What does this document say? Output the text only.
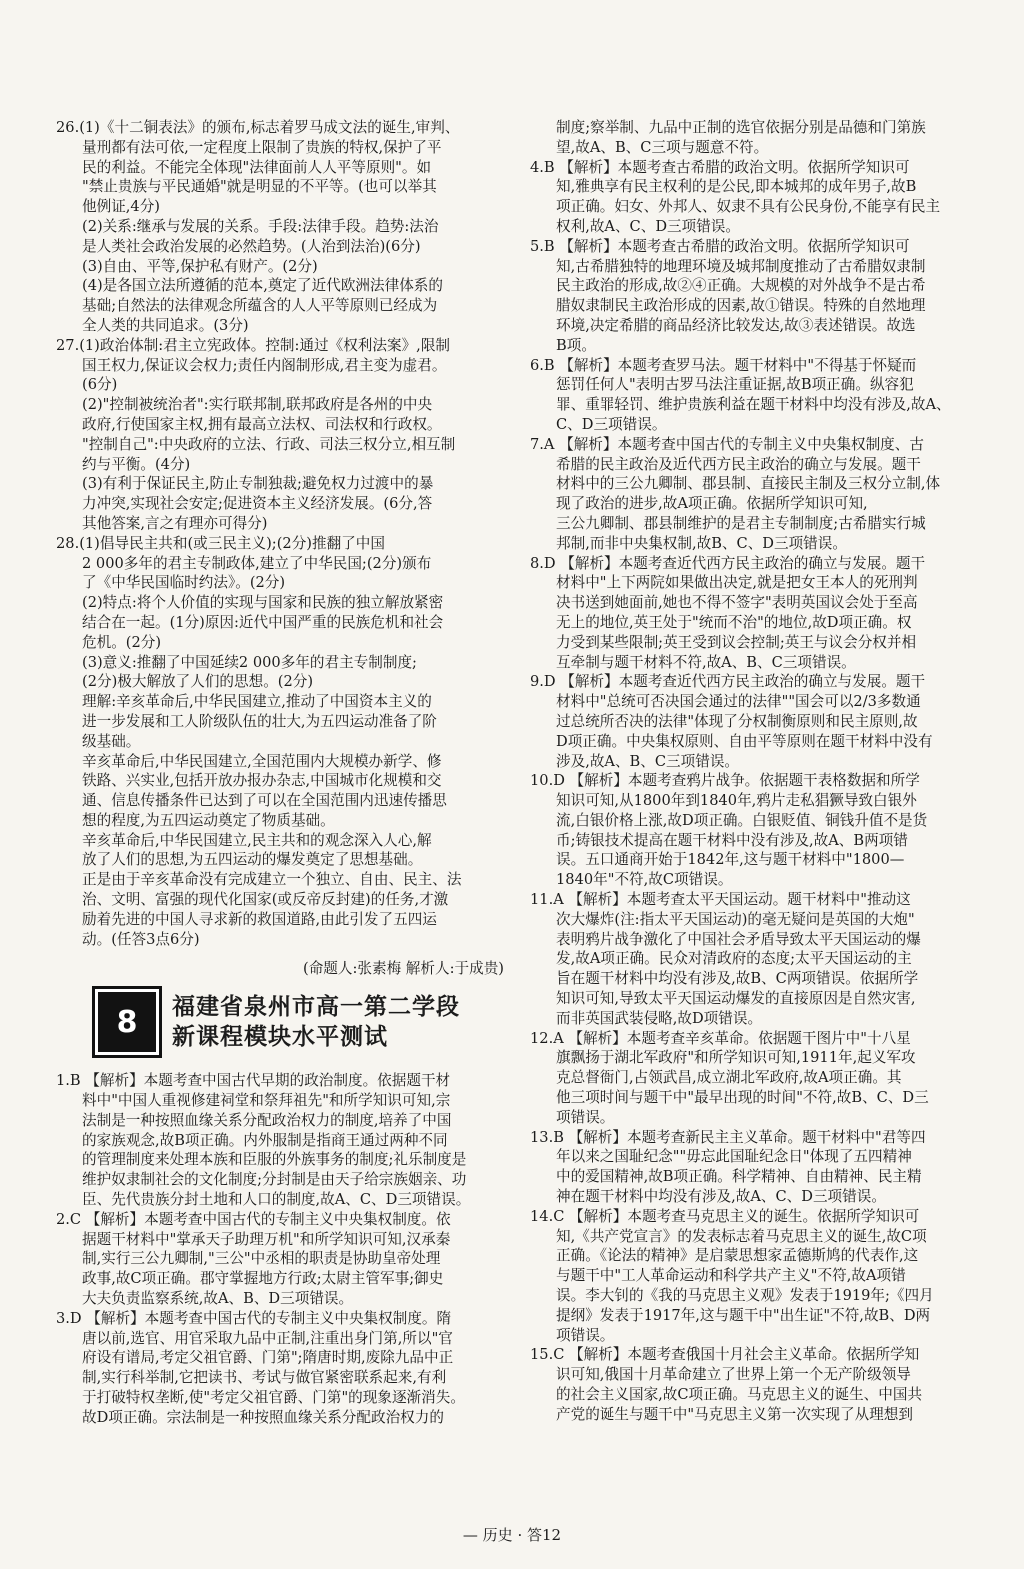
26.(1)《十二铜表法》的颁布,标志着罗马成文法的诞生,审判、
量刑都有法可依,一定程度上限制了贵族的特权,保护了平
民的利益。不能完全体现"法律面前人人平等原则"。如
"禁止贵族与平民通婚"就是明显的不平等。(也可以举其
他例证,4分)
(2)关系:继承与发展的关系。手段:法律手段。趋势:法治
是人类社会政治发展的必然趋势。(人治到法治)(6分)
(3)自由、平等,保护私有财产。(2分)
(4)是各国立法所遵循的范本,奠定了近代欧洲法律体系的
基础;自然法的法律观念所蕴含的人人平等原则已经成为
全人类的共同追求。(3分)
27.(1)政治体制:君主立宪政体。控制:通过《权利法案》,限制
国王权力,保证议会权力;责任内阁制形成,君主变为虚君。
(6分)
(2)"控制被统治者":实行联邦制,联邦政府是各州的中央
政府,行使国家主权,拥有最高立法权、司法权和行政权。
"控制自己":中央政府的立法、行政、司法三权分立,相互制
约与平衡。(4分)
(3)有利于保证民主,防止专制独裁;避免权力过渡中的暴
力冲突,实现社会安定;促进资本主义经济发展。(6分,答
其他答案,言之有理亦可得分)
28.(1)倡导民主共和(或三民主义);(2分)推翻了中国
2 000多年的君主专制政体,建立了中华民国;(2分)颁布
了《中华民国临时约法》。(2分)
(2)特点:将个人价值的实现与国家和民族的独立解放紧密
结合在一起。(1分)原因:近代中国严重的民族危机和社会
危机。(2分)
(3)意义:推翻了中国延续2 000多年的君主专制制度;
(2分)极大解放了人们的思想。(2分)
理解:辛亥革命后,中华民国建立,推动了中国资本主义的
进一步发展和工人阶级队伍的壮大,为五四运动准备了阶
级基础。
辛亥革命后,中华民国建立,全国范围内大规模办新学、修
铁路、兴实业,包括开放办报办杂志,中国城市化规模和交
通、信息传播条件已达到了可以在全国范围内迅速传播思
想的程度,为五四运动奠定了物质基础。
辛亥革命后,中华民国建立,民主共和的观念深入人心,解
放了人们的思想,为五四运动的爆发奠定了思想基础。
正是由于辛亥革命没有完成建立一个独立、自由、民主、法
治、文明、富强的现代化国家(或反帝反封建)的任务,才激
励着先进的中国人寻求新的救国道路,由此引发了五四运
动。(任答3点6分)
(命题人:张素梅 解析人:于成贵)
8	福建省泉州市高一第二学段
新课程模块水平测试
1.B 【解析】本题考查中国古代早期的政治制度。依据题干材
料中"中国人重视修建祠堂和祭拜祖先"和所学知识可知,宗
法制是一种按照血缘关系分配政治权力的制度,培养了中国
的家族观念,故B项正确。内外服制是指商王通过两种不同
的管理制度来处理本族和臣服的外族事务的制度;礼乐制度是
维护奴隶制社会的文化制度;分封制是由天子给宗族姻亲、功
臣、先代贵族分封土地和人口的制度,故A、C、D三项错误。
2.C 【解析】本题考查中国古代的专制主义中央集权制度。依
据题干材料中"掌承天子助理万机"和所学知识可知,汉承秦
制,实行三公九卿制,"三公"中丞相的职责是协助皇帝处理
政事,故C项正确。郡守掌握地方行政;太尉主管军事;御史
大夫负责监察系统,故A、B、D三项错误。
3.D 【解析】本题考查中国古代的专制主义中央集权制度。隋
唐以前,选官、用官采取九品中正制,注重出身门第,所以"官
府设有谱局,考定父祖官爵、门第";隋唐时期,废除九品中正
制,实行科举制,它把读书、考试与做官紧密联系起来,有利
于打破特权垄断,使"考定父祖官爵、门第"的现象逐渐消失。
故D项正确。宗法制是一种按照血缘关系分配政治权力的
制度;察举制、九品中正制的选官依据分别是品德和门第族
望,故A、B、C三项与题意不符。
4.B 【解析】本题考查古希腊的政治文明。依据所学知识可
知,雅典享有民主权利的是公民,即本城邦的成年男子,故B
项正确。妇女、外邦人、奴隶不具有公民身份,不能享有民主
权利,故A、C、D三项错误。
5.B 【解析】本题考查古希腊的政治文明。依据所学知识可
知,古希腊独特的地理环境及城邦制度推动了古希腊奴隶制
民主政治的形成,故②④正确。大规模的对外战争不是古希
腊奴隶制民主政治形成的因素,故①错误。特殊的自然地理
环境,决定希腊的商品经济比较发达,故③表述错误。故选
B项。
6.B 【解析】本题考查罗马法。题干材料中"不得基于怀疑而
惩罚任何人"表明古罗马法注重证据,故B项正确。纵容犯
罪、重罪轻罚、维护贵族利益在题干材料中均没有涉及,故A、
C、D三项错误。
7.A 【解析】本题考查中国古代的专制主义中央集权制度、古
希腊的民主政治及近代西方民主政治的确立与发展。题干
材料中的三公九卿制、郡县制、直接民主制及三权分立制,体
现了政治的进步,故A项正确。依据所学知识可知,
三公九卿制、郡县制维护的是君主专制制度;古希腊实行城
邦制,而非中央集权制,故B、C、D三项错误。
8.D 【解析】本题考查近代西方民主政治的确立与发展。题干
材料中"上下两院如果做出决定,就是把女王本人的死刑判
决书送到她面前,她也不得不签字"表明英国议会处于至高
无上的地位,英王处于"统而不治"的地位,故D项正确。权
力受到某些限制;英王受到议会控制;英王与议会分权并相
互牵制与题干材料不符,故A、B、C三项错误。
9.D 【解析】本题考查近代西方民主政治的确立与发展。题干
材料中"总统可否决国会通过的法律""国会可以2/3多数通
过总统所否决的法律"体现了分权制衡原则和民主原则,故
D项正确。中央集权原则、自由平等原则在题干材料中没有
涉及,故A、B、C三项错误。
10.D 【解析】本题考查鸦片战争。依据题干表格数据和所学
知识可知,从1800年到1840年,鸦片走私猖獗导致白银外
流,白银价格上涨,故D项正确。白银贬值、铜钱升值不是货
币;铸银技术提高在题干材料中没有涉及,故A、B两项错
误。五口通商开始于1842年,这与题干材料中"1800—
1840年"不符,故C项错误。
11.A 【解析】本题考查太平天国运动。题干材料中"推动这
次大爆炸(注:指太平天国运动)的毫无疑问是英国的大炮"
表明鸦片战争激化了中国社会矛盾导致太平天国运动的爆
发,故A项正确。民众对清政府的态度;太平天国运动的主
旨在题干材料中均没有涉及,故B、C两项错误。依据所学
知识可知,导致太平天国运动爆发的直接原因是自然灾害,
而非英国武装侵略,故D项错误。
12.A 【解析】本题考查辛亥革命。依据题干图片中"十八星
旗飘扬于湖北军政府"和所学知识可知,1911年,起义军攻
克总督衙门,占领武昌,成立湖北军政府,故A项正确。其
他三项时间与题干中"最早出现的时间"不符,故B、C、D三
项错误。
13.B 【解析】本题考查新民主主义革命。题干材料中"君等四
年以来之国耻纪念""毋忘此国耻纪念日"体现了五四精神
中的爱国精神,故B项正确。科学精神、自由精神、民主精
神在题干材料中均没有涉及,故A、C、D三项错误。
14.C 【解析】本题考查马克思主义的诞生。依据所学知识可
知,《共产党宣言》的发表标志着马克思主义的诞生,故C项
正确。《论法的精神》是启蒙思想家孟德斯鸠的代表作,这
与题干中"工人革命运动和科学共产主义"不符,故A项错
误。李大钊的《我的马克思主义观》发表于1919年;《四月
提纲》发表于1917年,这与题干中"出生证"不符,故B、D两
项错误。
15.C 【解析】本题考查俄国十月社会主义革命。依据所学知
识可知,俄国十月革命建立了世界上第一个无产阶级领导
的社会主义国家,故C项正确。马克思主义的诞生、中国共
产党的诞生与题干中"马克思主义第一次实现了从理想到
— 历史 · 答12
